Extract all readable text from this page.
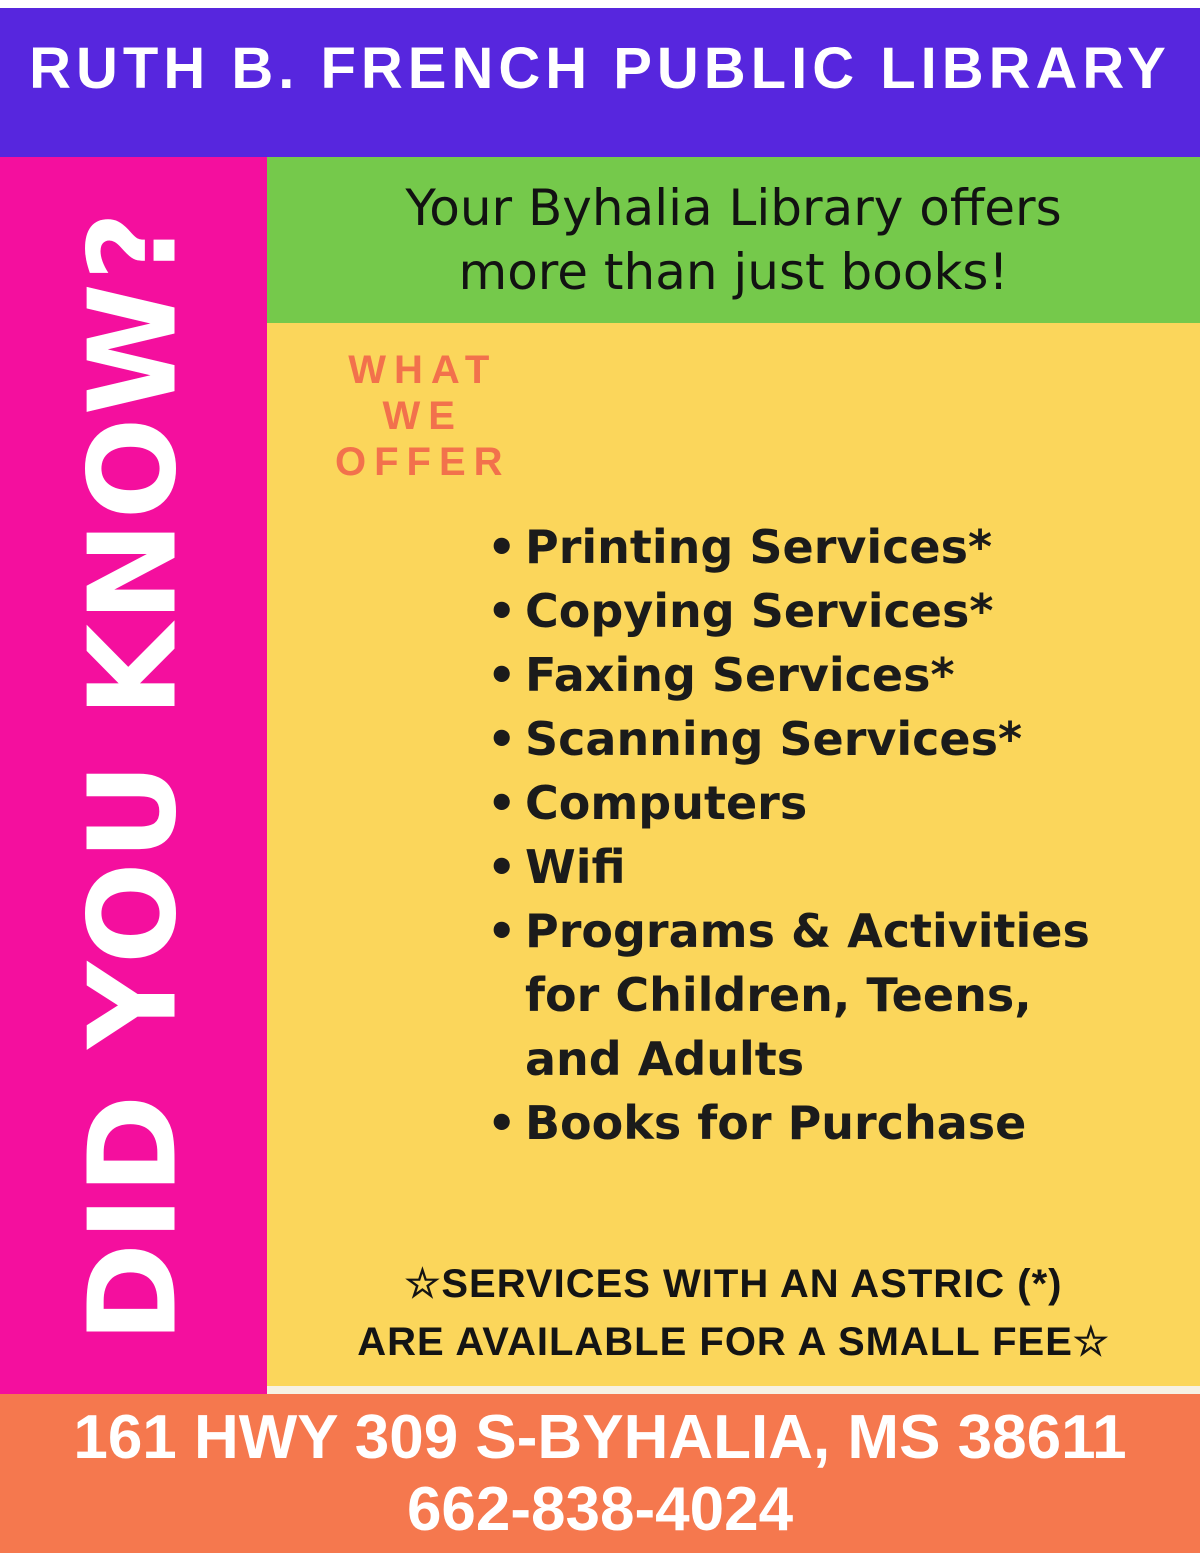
RUTH B. FRENCH PUBLIC LIBRARY
DID YOU KNOW?
Your Byhalia Library offers
more than just books!
WHAT
WE
OFFER
• Printing Services*
• Copying Services*
• Faxing Services*
• Scanning Services*
• Computers
• Wifi
• Programs & Activities for Children, Teens, and Adults
• Books for Purchase
☆SERVICES WITH AN ASTRIC (*)
ARE AVAILABLE FOR A SMALL FEE☆
161 HWY 309 S-BYHALIA, MS 38611
662-838-4024
